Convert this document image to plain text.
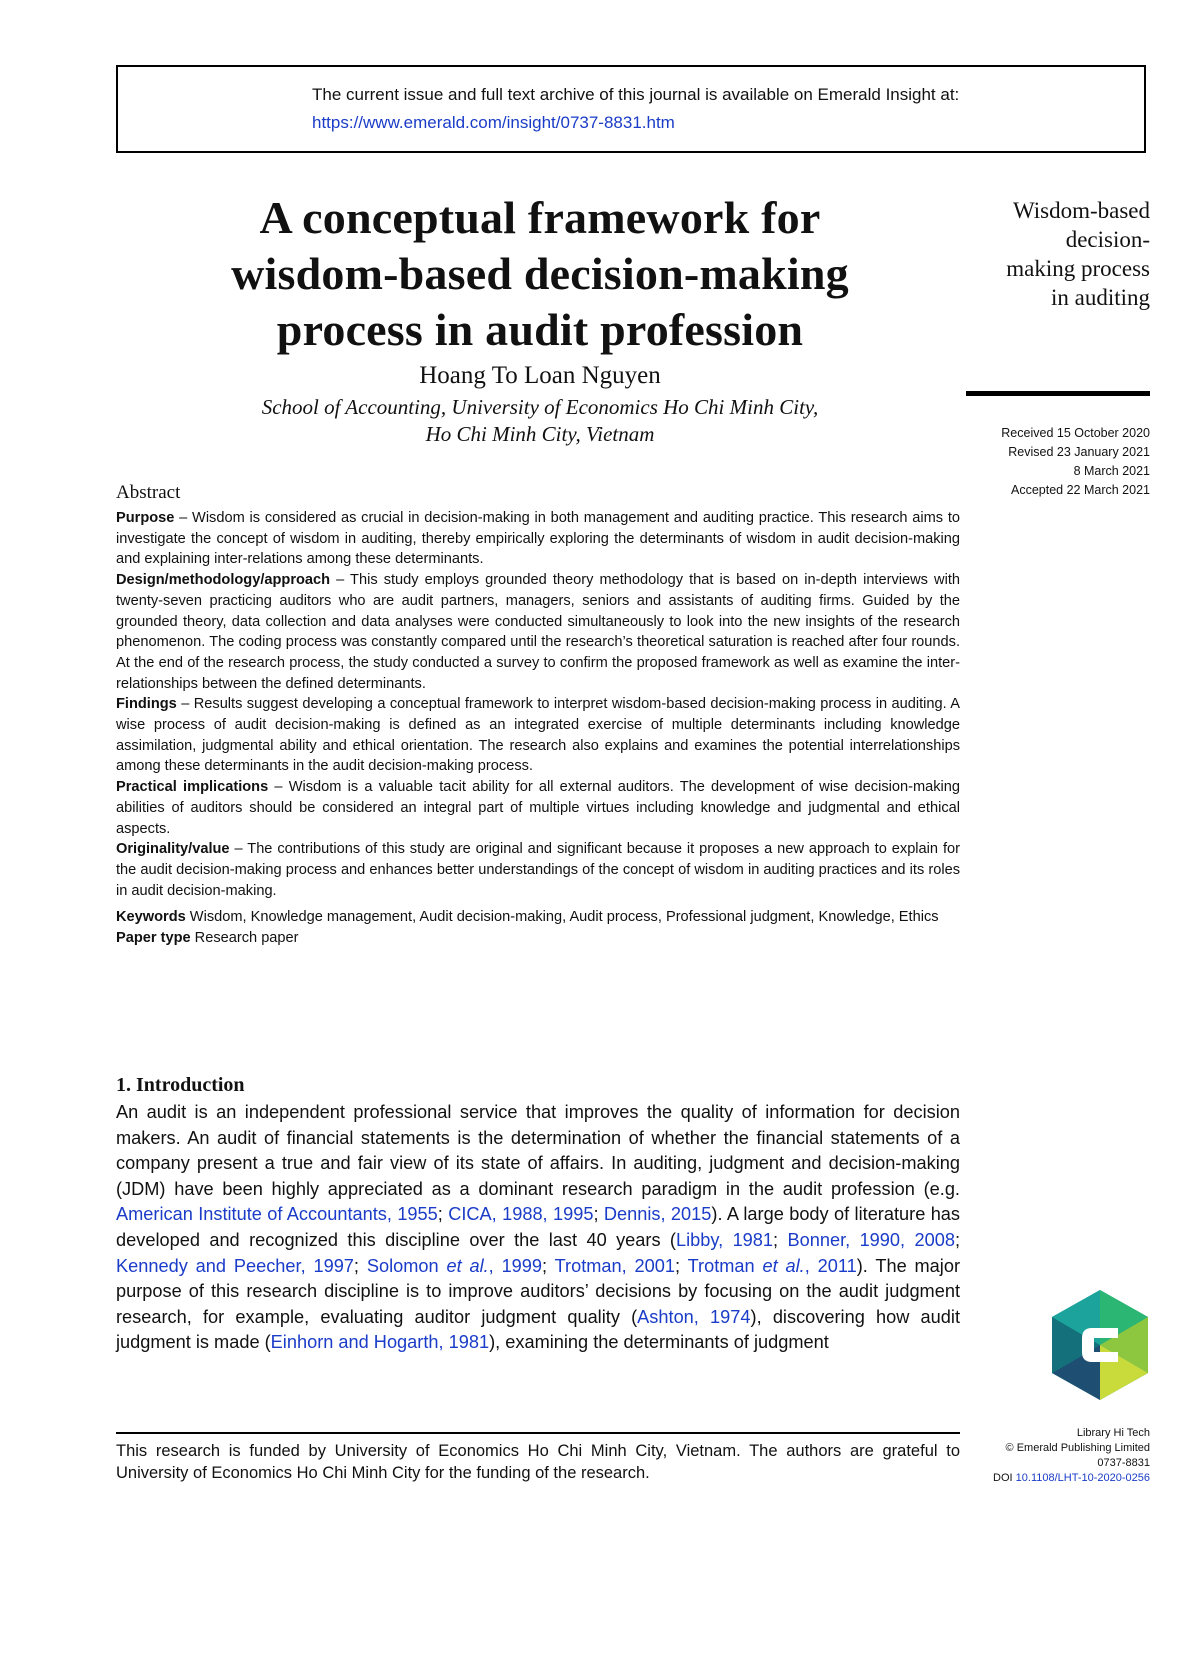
The current issue and full text archive of this journal is available on Emerald Insight at:
https://www.emerald.com/insight/0737-8831.htm
A conceptual framework for
wisdom-based decision-making
process in audit profession
Hoang To Loan Nguyen
School of Accounting, University of Economics Ho Chi Minh City,
Ho Chi Minh City, Vietnam
Wisdom-based
decision-
making process
in auditing
Received 15 October 2020
Revised 23 January 2021
8 March 2021
Accepted 22 March 2021
Abstract

Purpose – Wisdom is considered as crucial in decision-making in both management and auditing practice. This research aims to investigate the concept of wisdom in auditing, thereby empirically exploring the determinants of wisdom in audit decision-making and explaining inter-relations among these determinants.

Design/methodology/approach – This study employs grounded theory methodology that is based on in-depth interviews with twenty-seven practicing auditors who are audit partners, managers, seniors and assistants of auditing firms. Guided by the grounded theory, data collection and data analyses were conducted simultaneously to look into the new insights of the research phenomenon. The coding process was constantly compared until the research’s theoretical saturation is reached after four rounds. At the end of the research process, the study conducted a survey to confirm the proposed framework as well as examine the inter-relationships between the defined determinants.

Findings – Results suggest developing a conceptual framework to interpret wisdom-based decision-making process in auditing. A wise process of audit decision-making is defined as an integrated exercise of multiple determinants including knowledge assimilation, judgmental ability and ethical orientation. The research also explains and examines the potential interrelationships among these determinants in the audit decision-making process.

Practical implications – Wisdom is a valuable tacit ability for all external auditors. The development of wise decision-making abilities of auditors should be considered an integral part of multiple virtues including knowledge and judgmental and ethical aspects.

Originality/value – The contributions of this study are original and significant because it proposes a new approach to explain for the audit decision-making process and enhances better understandings of the concept of wisdom in auditing practices and its roles in audit decision-making.

Keywords Wisdom, Knowledge management, Audit decision-making, Audit process, Professional judgment, Knowledge, Ethics

Paper type Research paper

1. Introduction

An audit is an independent professional service that improves the quality of information for decision makers. An audit of financial statements is the determination of whether the financial statements of a company present a true and fair view of its state of affairs. In auditing, judgment and decision-making (JDM) have been highly appreciated as a dominant research paradigm in the audit profession (e.g. American Institute of Accountants, 1955; CICA, 1988, 1995; Dennis, 2015). A large body of literature has developed and recognized this discipline over the last 40 years (Libby, 1981; Bonner, 1990, 2008; Kennedy and Peecher, 1997; Solomon et al., 1999; Trotman, 2001; Trotman et al., 2011). The major purpose of this research discipline is to improve auditors’ decisions by focusing on the audit judgment research, for example, evaluating auditor judgment quality (Ashton, 1974), discovering how audit judgment is made (Einhorn and Hogarth, 1981), examining the determinants of judgment

This research is funded by University of Economics Ho Chi Minh City, Vietnam. The authors are grateful to University of Economics Ho Chi Minh City for the funding of the research.

Library Hi Tech
© Emerald Publishing Limited
0737-8831
DOI 10.1108/LHT-10-2020-0256
